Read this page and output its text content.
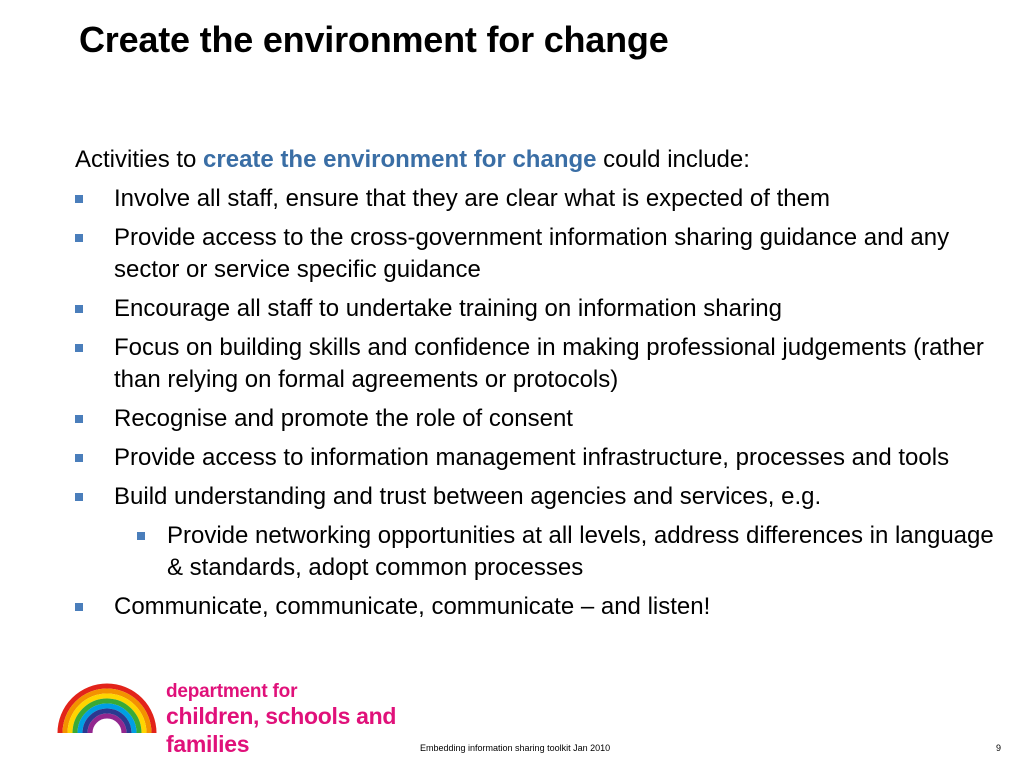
Create the environment for change

Activities to create the environment for change could include:

Involve all staff, ensure that they are clear what is expected of them
Provide access to the cross-government information sharing guidance and any sector or service specific guidance
Encourage all staff to undertake training on information sharing
Focus on building skills and confidence in making professional judgements (rather than relying on formal agreements or protocols)
Recognise and promote the role of consent
Provide access to information management infrastructure, processes and tools
Build understanding and trust between agencies and services, e.g.
Provide networking opportunities at all levels, address differences in language & standards, adopt common processes
Communicate, communicate, communicate – and listen!
department for
children, schools and families	Embedding information sharing toolkit Jan 2010	9
